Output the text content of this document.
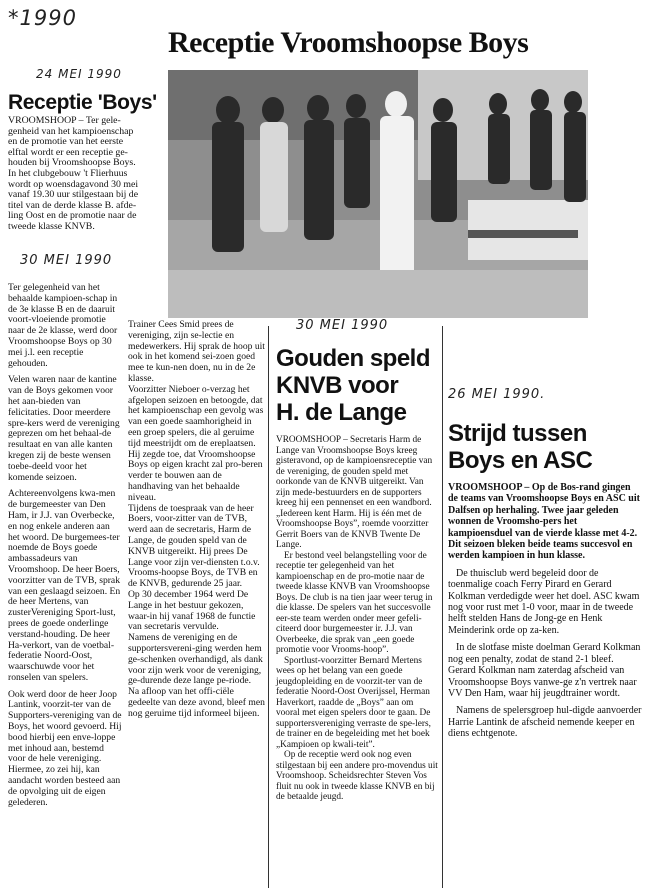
*1990
24 MEI 1990
30 MEI 1990
30 MEI 1990
26 MEI 1990.
Receptie Vroomshoopse Boys
Receptie 'Boys'
VROOMSHOOP – Ter gele-
genheid van het kampioenschap
en de promotie van het eerste
elftal wordt er een receptie ge-
houden bij Vroomshoopse Boys.
In het clubgebouw 't Flierhuus
wordt op woensdagavond 30 mei
vanaf 19.30 uur stilgestaan bij de
titel van de derde klasse B. afde-
ling Oost en de promotie naar de
tweede klasse KNVB.

Ter gelegenheid van het behaalde kampioen-schap in de 3e klasse B en de daaruit voort-vloeiende promotie naar de 2e klasse, werd door Vroomshoopse Boys op 30 mei j.l. een receptie gehouden.

Velen waren naar de kantine van de Boys gekomen voor het aan-bieden van felicitaties. Door meerdere spre-kers werd de vereniging geprezen om het behaal-de resultaat en van alle kanten kregen zij de beste wensen toebe-deeld voor het komende seizoen.

Achtereenvolgens kwa-men de burgemeester van Den Ham, ir J.J. van Overbecke, en nog enkele anderen aan het woord. De burgemees-ter noemde de Boys goede ambassadeurs van Vroomshoop. De heer Boers, voorzitter van de TVB, sprak van een geslaagd seizoen. En de heer Mertens, van zusterVereniging Sport-lust, prees de goede onderlinge verstand-houding. De heer Ha-verkort, van de voetbal-federatie Noord-Oost, waarschuwde voor het ronselen van spelers.

Ook werd door de heer Joop Lantink, voorzit-ter van de Supporters-vereniging van de Boys, het woord gevoerd. Hij bood hierbij een enve-loppe met inhoud aan, bestemd voor de hele vereniging. Hiermee, zo zei hij, kan aandacht worden besteed aan de opvolging uit de eigen gelederen.

Trainer Cees Smid prees de vereniging, zijn se-lectie en medewerkers. Hij sprak de hoop uit ook in het komend sei-zoen goed mee te kun-nen doen, nu in de 2e klasse.

Voorzitter Nieboer o-verzag het afgelopen seizoen en betoogde, dat het kampioenschap een gevolg was van een goede saamhorigheid in een groep spelers, die al geruime tijd meestrijdt om de ereplaatsen. Hij zegde toe, dat Vroomshoopse Boys op eigen kracht zal pro-beren verder te bouwen aan de handhaving van het behaalde niveau.

Tijdens de toespraak van de heer Boers, voor-zitter van de TVB, werd aan de secretaris, Harm de Lange, de gouden speld van de KNVB uitgereikt. Hij prees De Lange voor zijn ver-diensten t.o.v. Vrooms-hoopse Boys, de TVB en de KNVB, gedurende 25 jaar.

Op 30 december 1964 werd De Lange in het bestuur gekozen, waar-in hij vanaf 1968 de functie van secretaris vervulde.

Namens de vereniging en de supportersvereni-ging werden hem ge-schenken overhandigd, als dank voor zijn werk voor de vereniging, ge-durende deze lange pe-riode.

Na afloop van het offi-ciële gedeelte van deze avond, bleef men nog geruime tijd informeel bijeen.

Gouden speld
KNVB voor
H. de Lange

VROOMSHOOP – Secretaris Harm de Lange van Vroomshoopse Boys kreeg gisteravond, op de kampioensreceptie van de vereniging, de gouden speld met oorkonde van de KNVB uitgereikt. Van zijn mede-bestuurders en de supporters kreeg hij een pennenset en een wandbord. „Iedereen kent Harm. Hij is één met de Vroomshoopse Boys”, roemde voorzitter Gerrit Boers van de KNVB Twente De Lange.

Er bestond veel belangstelling voor de receptie ter gelegenheid van het kampioenschap en de pro-motie naar de tweede klasse KNVB van Vroomshoopse Boys. De club is na tien jaar weer terug in die klasse. De spelers van het succesvolle eer-ste team werden onder meer gefeli-citeerd door burgemeester ir. J.J. van Overbeeke, die sprak van „een goede promotie voor Vrooms-hoop”.

Sportlust-voorzitter Bernard Mertens wees op het belang van een goede jeugdopleiding en de voorzit-ter van de federatie Noord-Oost Overijssel, Herman Haverkort, raadde de „Boys” aan om vooral met eigen spelers door te gaan. De supportersvereniging verraste de spe-lers, de trainer en de begeleiding met het boek „Kampioen op kwali-teit”.

Op de receptie werd ook nog even stilgestaan bij een andere pro-movendus uit Vroomshoop. Scheidsrechter Steven Vos fluit nu ook in tweede klasse KNVB en bij de betaalde jeugd.

Strijd tussen
Boys en ASC

VROOMSHOOP – Op de Bos-rand gingen de teams van Vroomshoopse Boys en ASC uit Dalfsen op herhaling. Twee jaar geleden wonnen de Vroomsho-pers het kampioensduel van de vierde klasse met 4-2. Dit seizoen bleken beide teams succesvol en werden kampioen in hun klasse.

De thuisclub werd begeleid door de toenmalige coach Ferry Pirard en Gerard Kolkman verdedigde weer het doel. ASC kwam nog voor rust met 1-0 voor, maar in de tweede helft stelden Hans de Jong-ge en Henk Meinderink orde op za-ken.

In de slotfase miste doelman Gerard Kolkman nog een penalty, zodat de stand 2-1 bleef. Gerard Kolkman nam zaterdag afscheid van Vroomshoopse Boys vanwe-ge z'n vertrek naar VV Den Ham, waar hij jeugdtrainer wordt.

Namens de spelersgroep hul-digde aanvoerder Harrie Lantink de afscheid nemende keeper en diens echtgenote.
